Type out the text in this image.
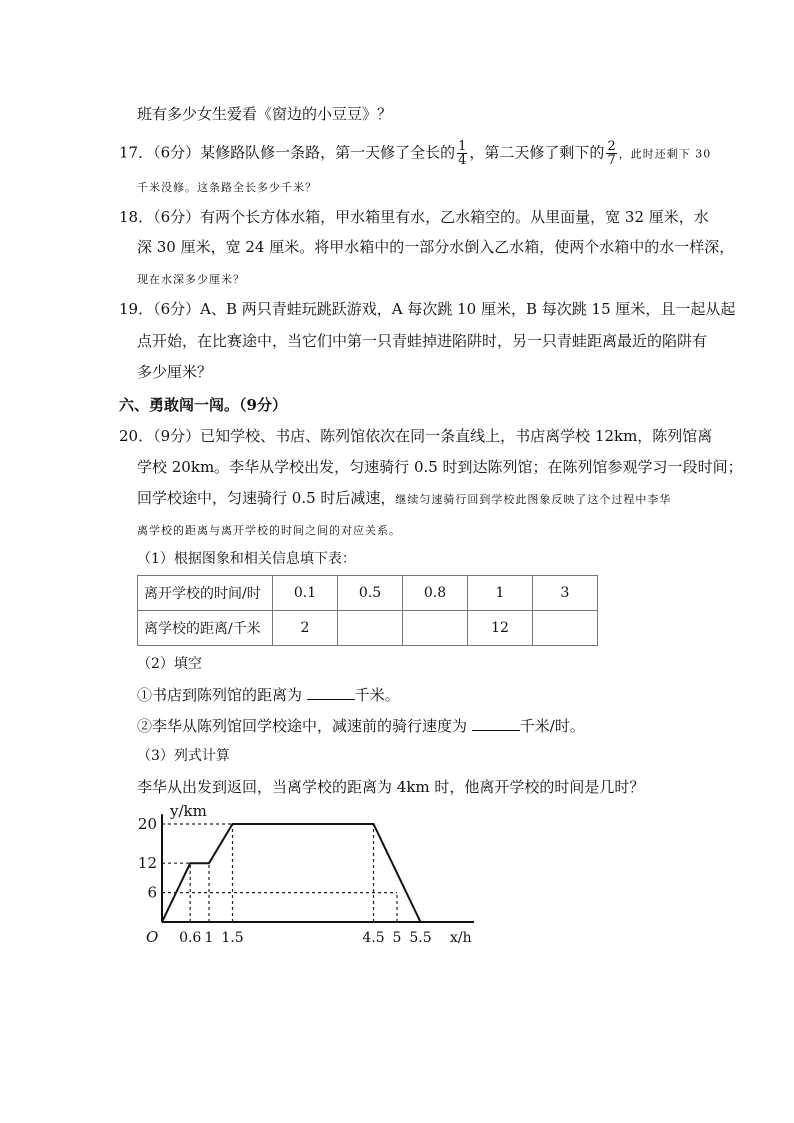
班有多少女生爱看《窗边的小豆豆》？
17．（6分）某修路队修一条路，第一天修了全长的 $\frac{1}{4}$ ，第二天修了剩下的 $\frac{2}{7}$ ，此时还剩下 30
千米没修。这条路全长多少千米？
18．（6分）有两个长方体水箱，甲水箱里有水，乙水箱空的。从里面量，宽 32 厘米，水
深 30 厘米，宽 24 厘米。将甲水箱中的一部分水倒入乙水箱，使两个水箱中的水一样深，
现在水深多少厘米？
19．（6分）A、B 两只青蛙玩跳跃游戏，A 每次跳 10 厘米，B 每次跳 15 厘米，且一起从起
点开始，在比赛途中，当它们中第一只青蛙掉进陷阱时，另一只青蛙距离最近的陷阱有
多少厘米？
六、勇敢闯一闯。（9分）
20．（9分）已知学校、书店、陈列馆依次在同一条直线上，书店离学校 12km，陈列馆离
学校 20km。李华从学校出发，匀速骑行 0.5 时到达陈列馆；在陈列馆参观学习一段时间；
回学校途中，匀速骑行 0.5 时后减速，继续匀速骑行回到学校此图象反映了这个过程中李华
离学校的距离与离开学校的时间之间的对应关系。
（1）根据图象和相关信息填下表：
离开学校的时间/时	0.1	0.5	0.8	1	3
离学校的距离/千米	2			12	
（2）填空
①书店到陈列馆的距离为	千米。
②李华从陈列馆回学校途中，减速前的骑行速度为	千米/时。
（3）列式计算
李华从出发到返回，当离学校的距离为 4km 时，他离开学校的时间是几时？
y/km
x/h
O
6
12
20
0.6 1 1.5	4.5 5 5.5
